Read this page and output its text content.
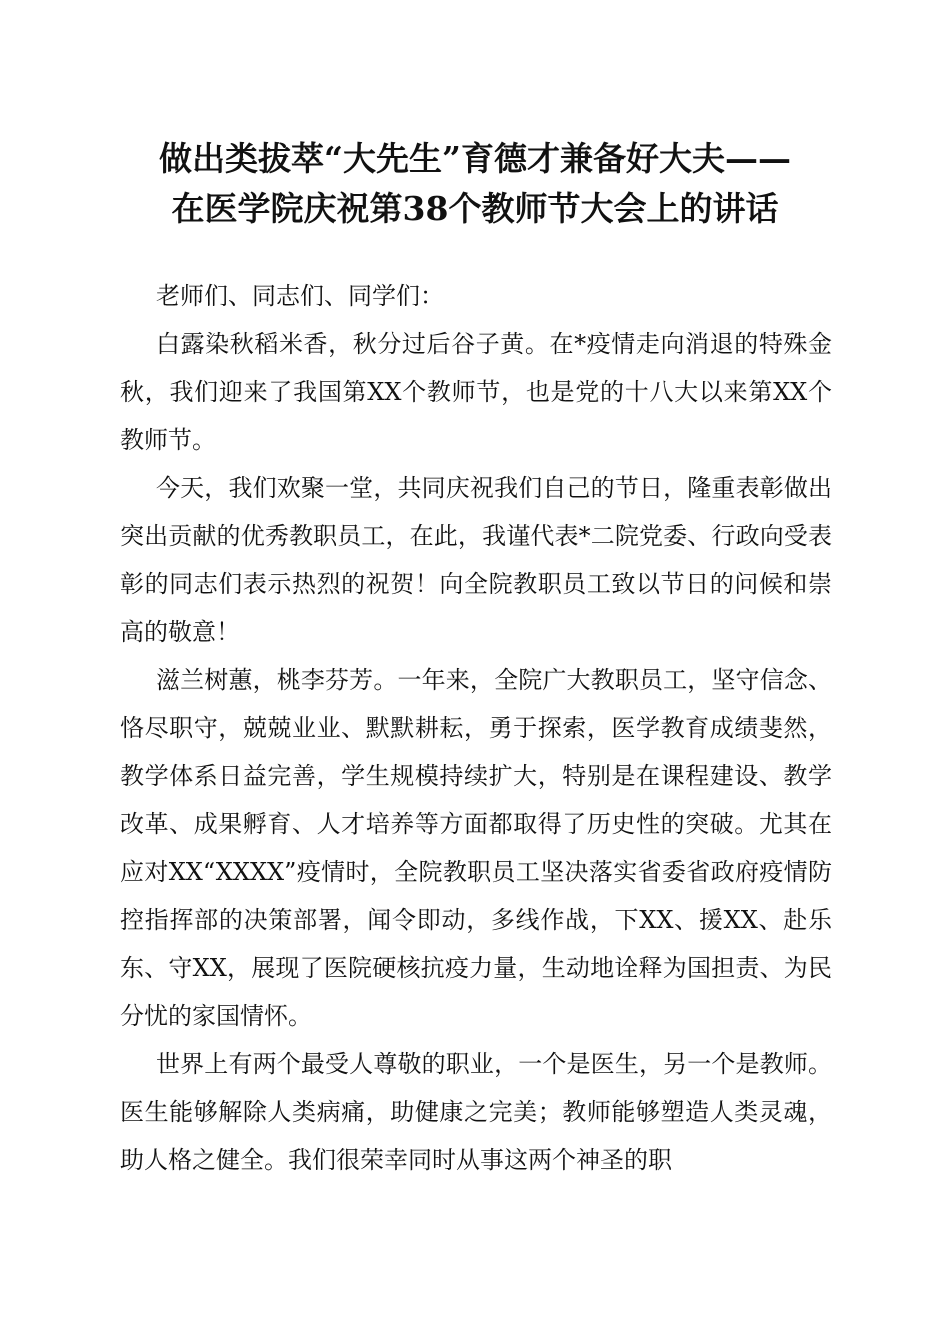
做出类拔萃“大先生”育德才兼备好大夫——
在医学院庆祝第38个教师节大会上的讲话

老师们、同志们、同学们：

白露染秋稻米香，秋分过后谷子黄。在*疫情走向消退的特殊金秋，我们迎来了我国第XX个教师节，也是党的十八大以来第XX个教师节。

今天，我们欢聚一堂，共同庆祝我们自己的节日，隆重表彰做出突出贡献的优秀教职员工，在此，我谨代表*二院党委、行政向受表彰的同志们表示热烈的祝贺！向全院教职员工致以节日的问候和崇高的敬意！

滋兰树蕙，桃李芬芳。一年来，全院广大教职员工，坚守信念、恪尽职守，兢兢业业、默默耕耘，勇于探索，医学教育成绩斐然，教学体系日益完善，学生规模持续扩大，特别是在课程建设、教学改革、成果孵育、人才培养等方面都取得了历史性的突破。尤其在应对XX“XXXX”疫情时，全院教职员工坚决落实省委省政府疫情防控指挥部的决策部署，闻令即动，多线作战，下XX、援XX、赴乐东、守XX，展现了医院硬核抗疫力量，生动地诠释为国担责、为民分忧的家国情怀。

世界上有两个最受人尊敬的职业，一个是医生，另一个是教师。医生能够解除人类病痛，助健康之完美；教师能够塑造人类灵魂，助人格之健全。我们很荣幸同时从事这两个神圣的职
